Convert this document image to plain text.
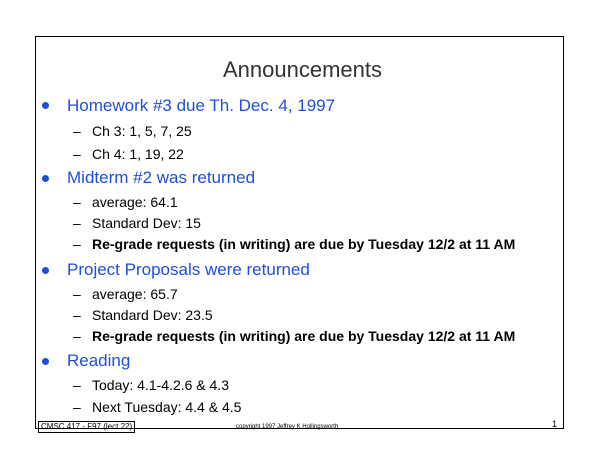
Announcements
Homework #3 due Th. Dec. 4, 1997
– Ch 3: 1, 5, 7, 25
– Ch 4: 1, 19, 22
Midterm #2 was returned
– average: 64.1
– Standard Dev: 15
– Re-grade requests (in writing) are due by Tuesday 12/2 at 11 AM
Project Proposals were returned
– average: 65.7
– Standard Dev: 23.5
– Re-grade requests (in writing) are due by Tuesday 12/2 at 11 AM
Reading
– Today: 4.1-4.2.6 & 4.3
– Next Tuesday: 4.4 & 4.5
CMSC 417 - F97 (lect 22)	copyright 1997 Jeffrey K Hollingsworth	1
